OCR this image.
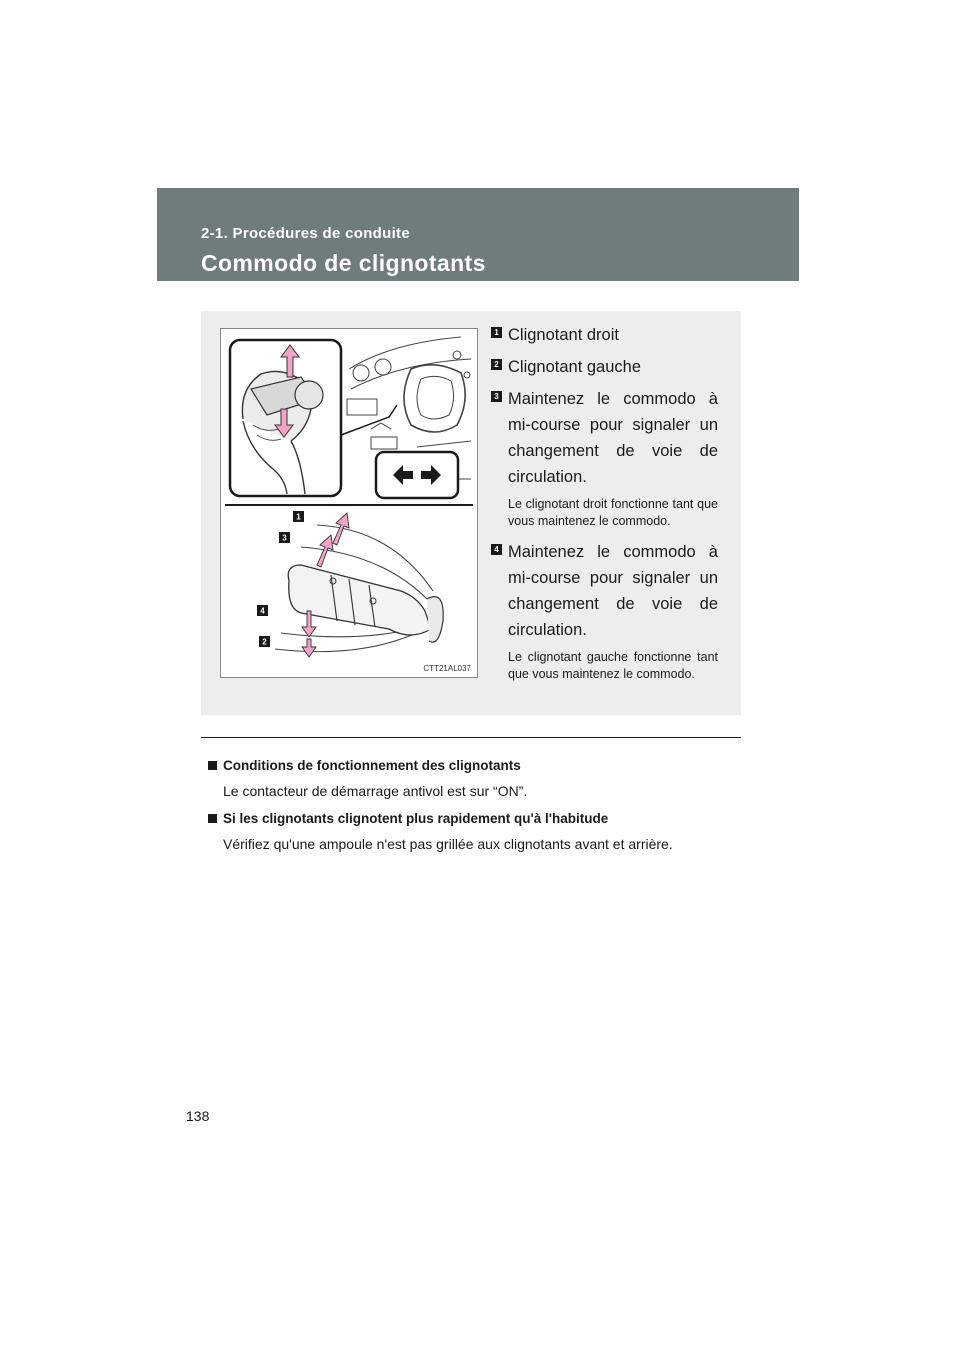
2-1. Procédures de conduite
Commodo de clignotants
1
3
4
2
CTT21AL037
1 Clignotant droit
2 Clignotant gauche
3 Maintenez le commodo à mi-course pour signaler un changement de voie de circulation.
Le clignotant droit fonctionne tant que vous maintenez le commodo.
4 Maintenez le commodo à mi-course pour signaler un changement de voie de circulation.
Le clignotant gauche fonctionne tant que vous maintenez le commodo.
Conditions de fonctionnement des clignotants
Le contacteur de démarrage antivol est sur “ON”.
Si les clignotants clignotent plus rapidement qu'à l'habitude
Vérifiez qu'une ampoule n'est pas grillée aux clignotants avant et arrière.
138
